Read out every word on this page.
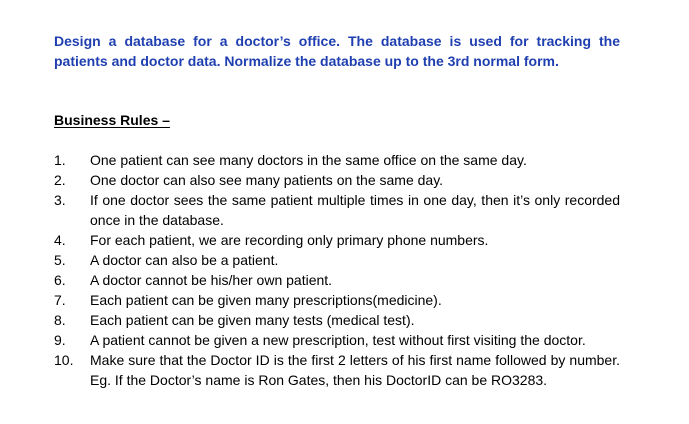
Design a database for a doctor’s office. The database is used for tracking the patients and doctor data. Normalize the database up to the 3rd normal form.

Business Rules –
1.	One patient can see many doctors in the same office on the same day.
2.	One doctor can also see many patients on the same day.
3.	If one doctor sees the same patient multiple times in one day, then it’s only recorded once in the database.
4.	For each patient, we are recording only primary phone numbers.
5.	A doctor can also be a patient.
6.	A doctor cannot be his/her own patient.
7.	Each patient can be given many prescriptions(medicine).
8.	Each patient can be given many tests (medical test).
9.	A patient cannot be given a new prescription, test without first visiting the doctor.
10.	Make sure that the Doctor ID is the first 2 letters of his first name followed by number. Eg. If the Doctor’s name is Ron Gates, then his DoctorID can be RO3283.
